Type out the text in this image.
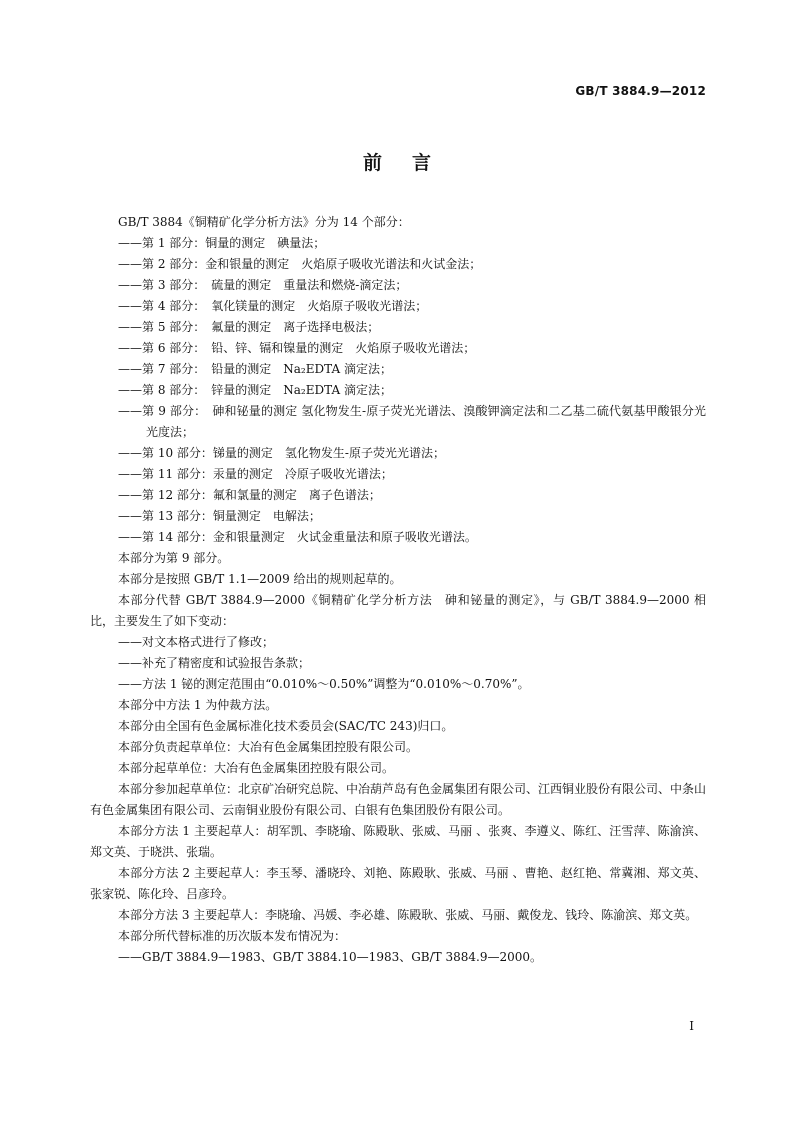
GB/T 3884.9—2012
前言

GB/T 3884《铜精矿化学分析方法》分为 14 个部分：

——第 1 部分：铜量的测定　碘量法；

——第 2 部分：金和银量的测定　火焰原子吸收光谱法和火试金法；

——第 3 部分：　硫量的测定　重量法和燃烧-滴定法；

——第 4 部分：　氧化镁量的测定　火焰原子吸收光谱法；

——第 5 部分：　氟量的测定　离子选择电极法；

——第 6 部分：　铅、锌、镉和镍量的测定　火焰原子吸收光谱法；

——第 7 部分：　铅量的测定　Na₂EDTA 滴定法；

——第 8 部分：　锌量的测定　Na₂EDTA 滴定法；

——第 9 部分：　砷和铋量的测定 氢化物发生-原子荧光光谱法、溴酸钾滴定法和二乙基二硫代氨基甲酸银分光光度法；

——第 10 部分：锑量的测定　氢化物发生-原子荧光光谱法；

——第 11 部分：汞量的测定　冷原子吸收光谱法；

——第 12 部分：氟和氯量的测定　离子色谱法；

——第 13 部分：铜量测定　电解法；

——第 14 部分：金和银量测定　火试金重量法和原子吸收光谱法。

本部分为第 9 部分。

本部分是按照 GB/T 1.1—2009 给出的规则起草的。

本部分代替 GB/T 3884.9—2000《铜精矿化学分析方法　砷和铋量的测定》，与 GB/T 3884.9—2000 相比，主要发生了如下变动：

——对文本格式进行了修改；

——补充了精密度和试验报告条款；

——方法 1 铋的测定范围由“0.010%～0.50%”调整为“0.010%～0.70%”。

本部分中方法 1 为仲裁方法。

本部分由全国有色金属标准化技术委员会(SAC/TC 243)归口。

本部分负责起草单位：大冶有色金属集团控股有限公司。

本部分起草单位：大冶有色金属集团控股有限公司。

本部分参加起草单位：北京矿冶研究总院、中冶葫芦岛有色金属集团有限公司、江西铜业股份有限公司、中条山有色金属集团有限公司、云南铜业股份有限公司、白银有色集团股份有限公司。

本部分方法 1 主要起草人：胡军凯、李晓瑜、陈殿耿、张威、马丽 、张爽、李遵义、陈红、汪雪萍、陈渝滨、郑文英、于晓洪、张瑞。

本部分方法 2 主要起草人：李玉琴、潘晓玲、刘艳、陈殿耿、张威、马丽 、曹艳、赵红艳、常冀湘、郑文英、张家锐、陈化玲、吕彦玲。

本部分方法 3 主要起草人：李晓瑜、冯媛、李必雄、陈殿耿、张威、马丽、戴俊龙、钱玲、陈渝滨、郑文英。

本部分所代替标准的历次版本发布情况为：

——GB/T 3884.9—1983、GB/T 3884.10—1983、GB/T 3884.9—2000。

I
